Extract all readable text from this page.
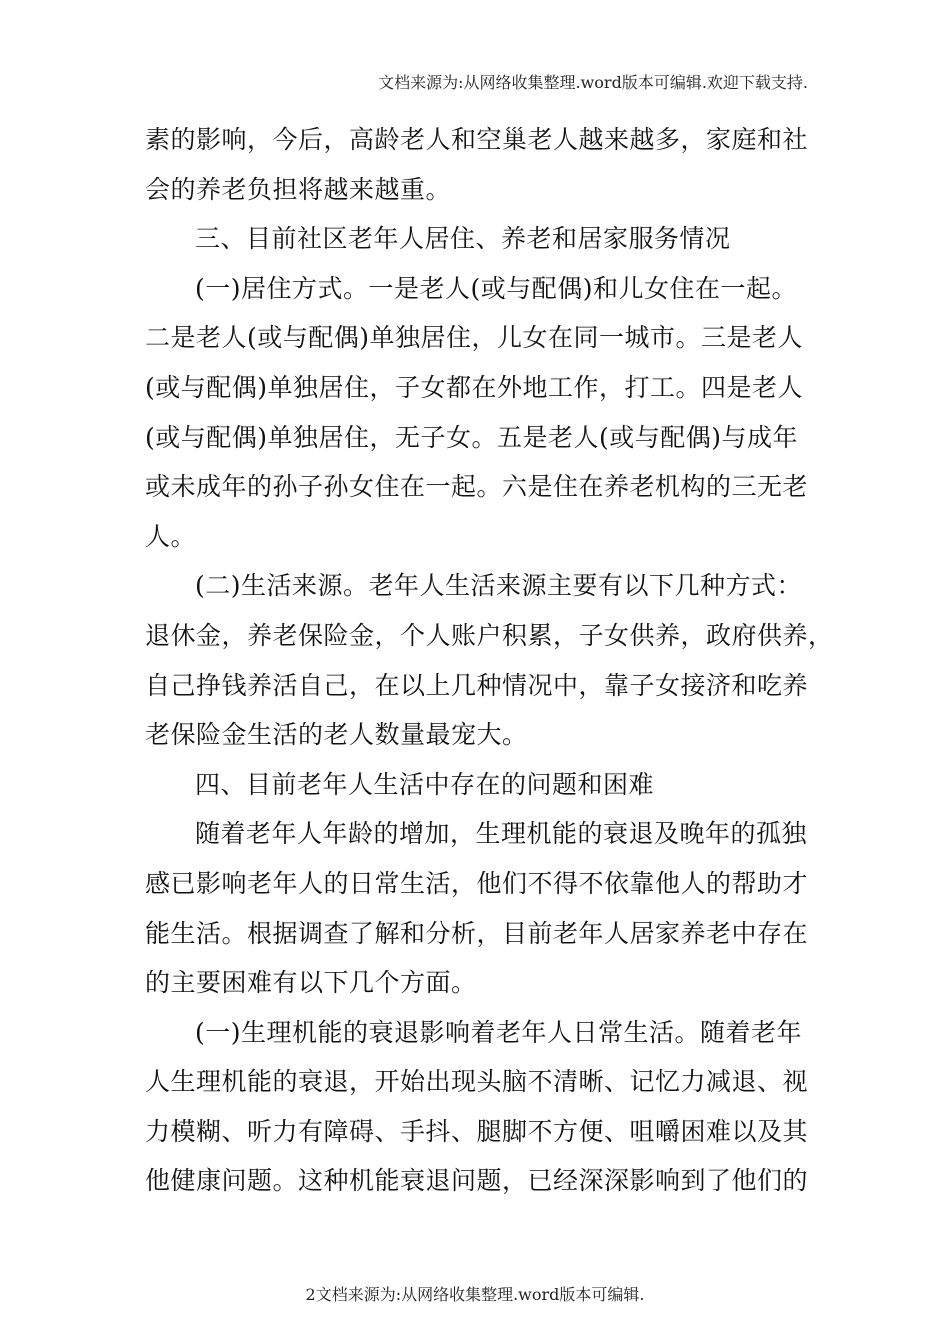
文档来源为:从网络收集整理.word版本可编辑.欢迎下载支持.
素的影响，今后，高龄老人和空巢老人越来越多，家庭和社
会的养老负担将越来越重。
三、目前社区老年人居住、养老和居家服务情况
(一)居住方式。一是老人(或与配偶)和儿女住在一起。
二是老人(或与配偶)单独居住，儿女在同一城市。三是老人
(或与配偶)单独居住，子女都在外地工作，打工。四是老人
(或与配偶)单独居住，无子女。五是老人(或与配偶)与成年
或未成年的孙子孙女住在一起。六是住在养老机构的三无老
人。
(二)生活来源。老年人生活来源主要有以下几种方式：
退休金，养老保险金，个人账户积累，子女供养，政府供养，
自己挣钱养活自己，在以上几种情况中，靠子女接济和吃养
老保险金生活的老人数量最宠大。
四、目前老年人生活中存在的问题和困难
随着老年人年龄的增加，生理机能的衰退及晚年的孤独
感已影响老年人的日常生活，他们不得不依靠他人的帮助才
能生活。根据调查了解和分析，目前老年人居家养老中存在
的主要困难有以下几个方面。
(一)生理机能的衰退影响着老年人日常生活。随着老年
人生理机能的衰退，开始出现头脑不清晰、记忆力减退、视
力模糊、听力有障碍、手抖、腿脚不方便、咀嚼困难以及其
他健康问题。这种机能衰退问题，已经深深影响到了他们的
2文档来源为:从网络收集整理.word版本可编辑.
